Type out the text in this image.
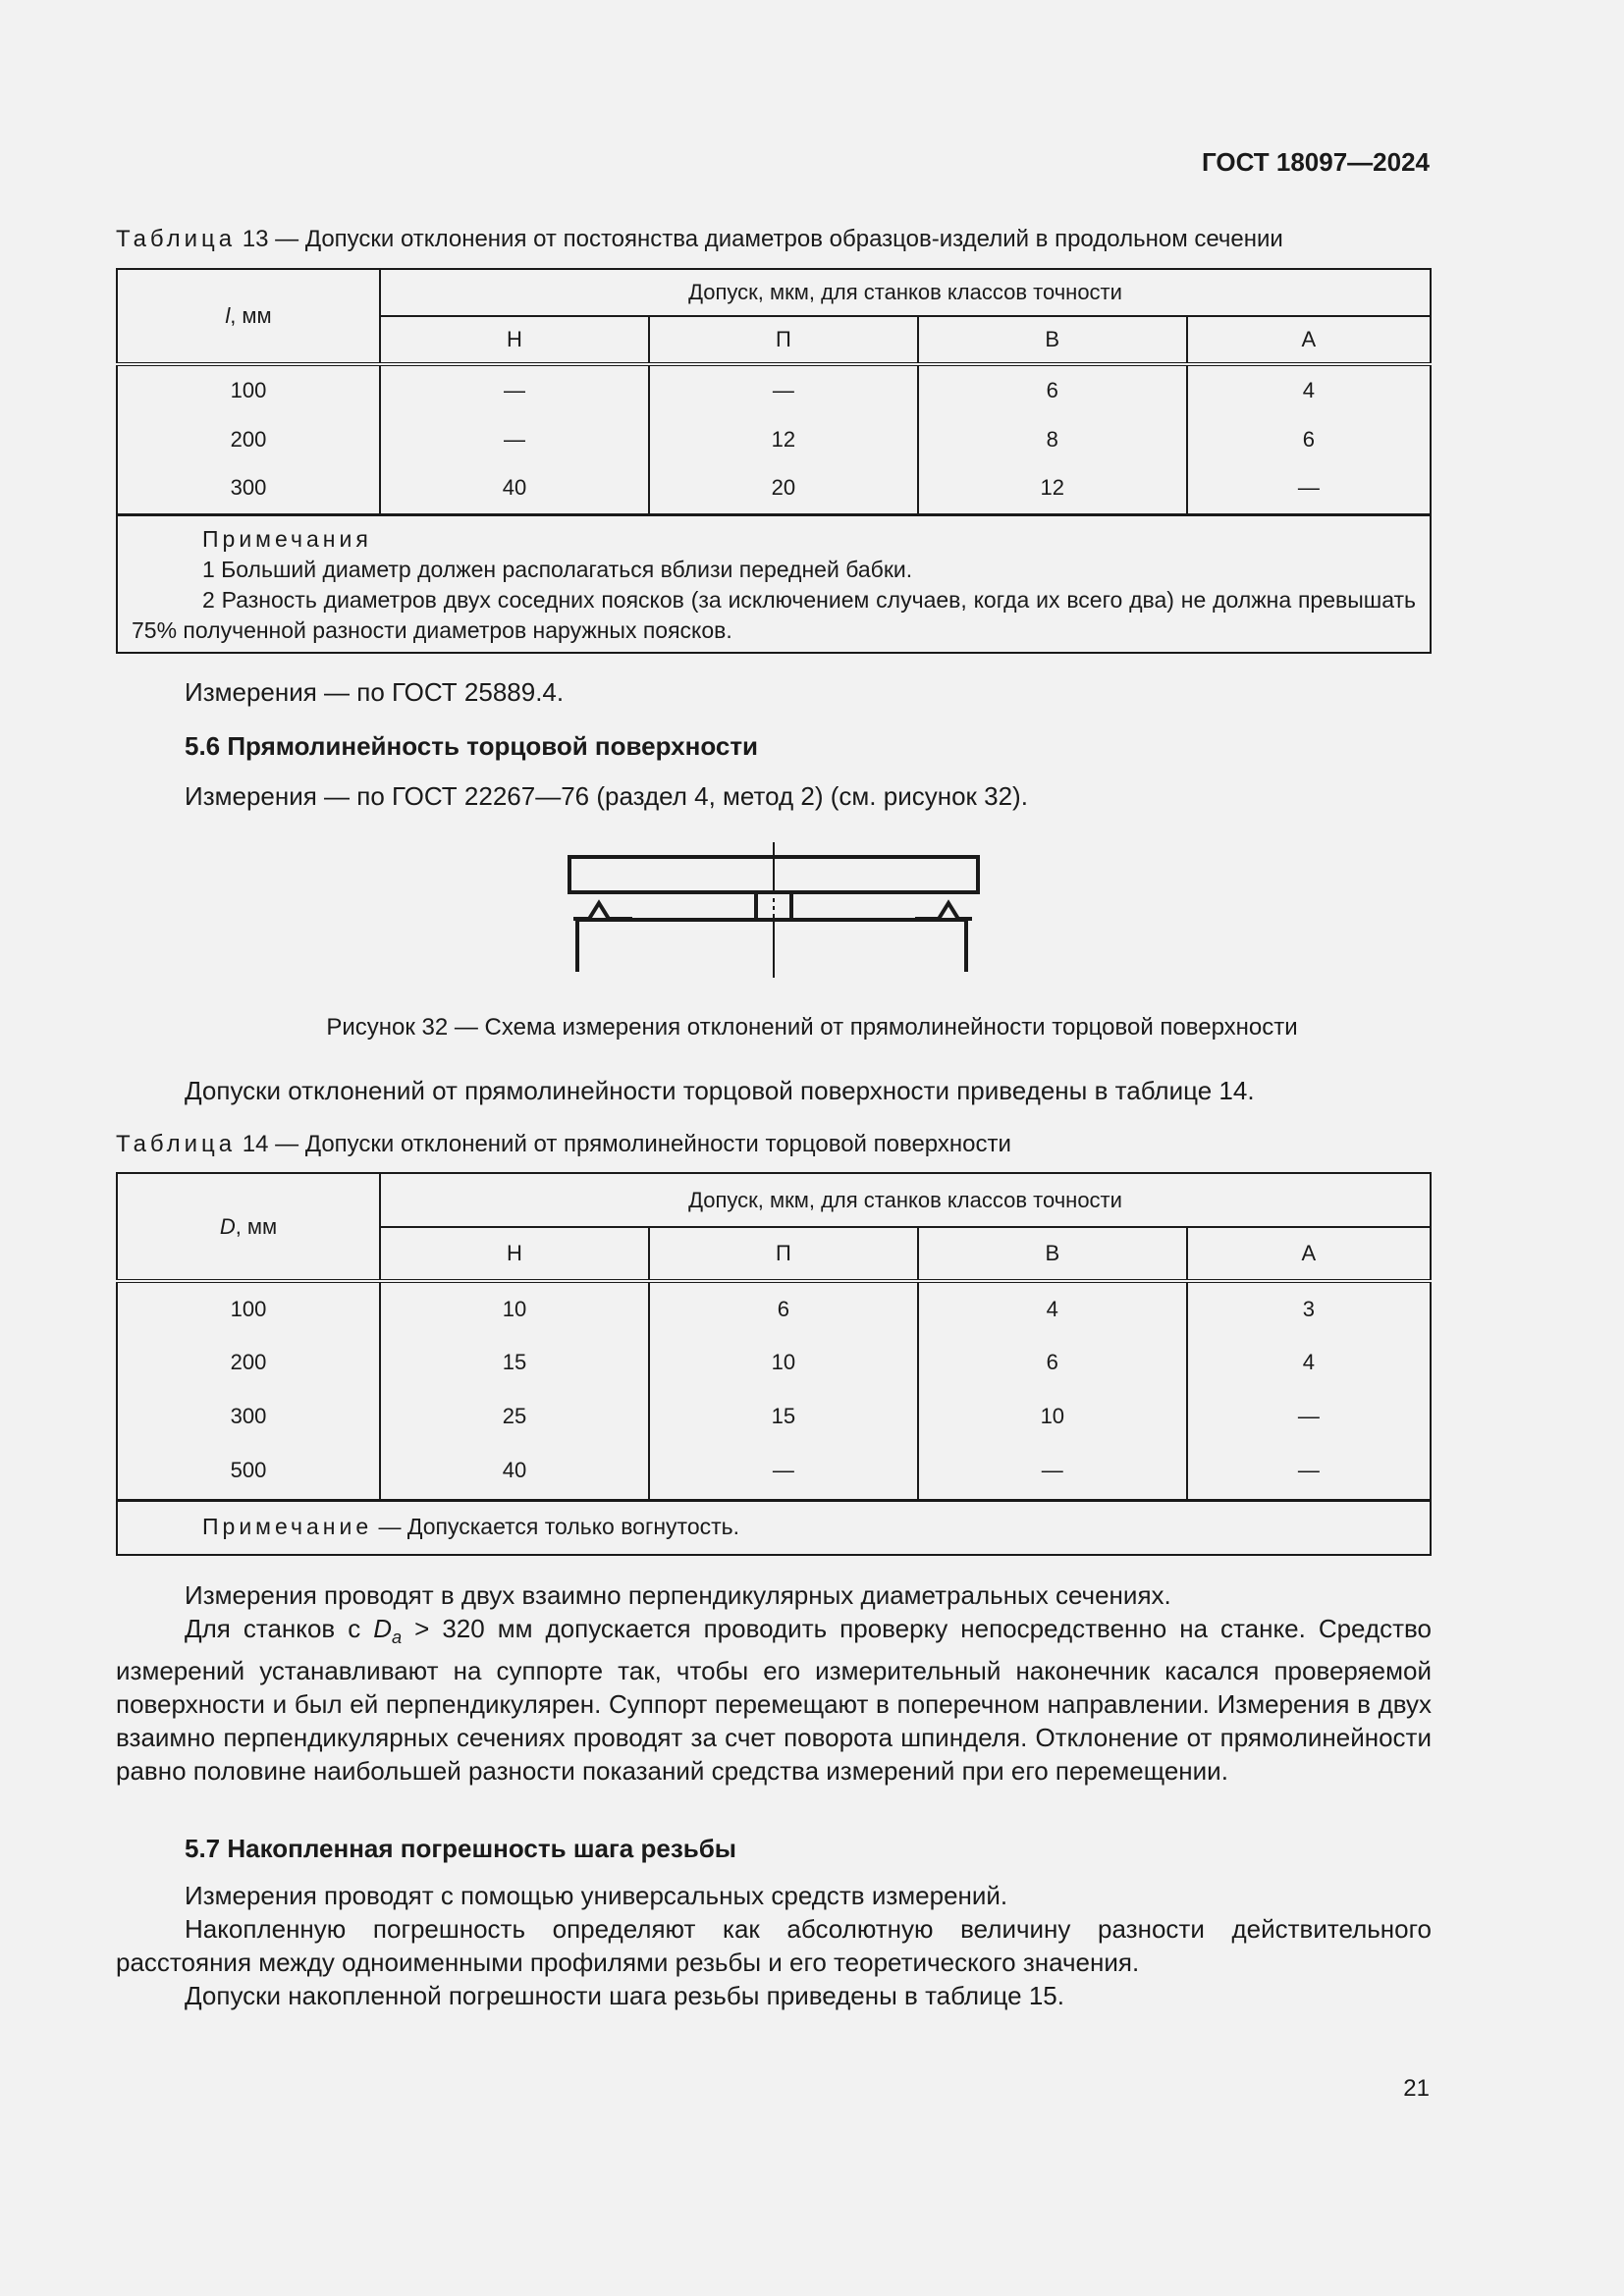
ГОСТ 18097—2024
Таблица 13 — Допуски отклонения от постоянства диаметров образцов-изделий в продольном сечении
l, мм	Допуск, мкм, для станков классов точности			
	Н	П	В	А
100	—	—	6	4
200	—	12	8	6
300	40	20	12	—

Примечания
1 Больший диаметр должен располагаться вблизи передней бабки.
2 Разность диаметров двух соседних поясков (за исключением случаев, когда их всего два) не должна превышать 75% полученной разности диаметров наружных поясков.				

Измерения — по ГОСТ 25889.4.

5.6 Прямолинейность торцовой поверхности

Измерения — по ГОСТ 22267—76 (раздел 4, метод 2) (см. рисунок 32).

Рисунок 32 — Схема измерения отклонений от прямолинейности торцовой поверхности

Допуски отклонений от прямолинейности торцовой поверхности приведены в таблице 14.

Таблица 14 — Допуски отклонений от прямолинейности торцовой поверхности
D, мм	Допуск, мкм, для станков классов точности			
	Н	П	В	А
100	10	6	4	3
200	15	10	6	4
300	25	15	10	—
500	40	—	—	—
Примечание — Допускается только вогнутость.				

Измерения проводят в двух взаимно перпендикулярных диаметральных сечениях.

Для станков с $D_a > 320$ мм допускается проводить проверку непосредственно на станке. Средство измерений устанавливают на суппорте так, чтобы его измерительный наконечник касался проверяемой поверхности и был ей перпендикулярен. Суппорт перемещают в поперечном направлении. Измерения в двух взаимно перпендикулярных сечениях проводят за счет поворота шпинделя. Отклонение от прямолинейности равно половине наибольшей разности показаний средства измерений при его перемещении.

5.7 Накопленная погрешность шага резьбы

Измерения проводят с помощью универсальных средств измерений.

Накопленную погрешность определяют как абсолютную величину разности действительного расстояния между одноименными профилями резьбы и его теоретического значения.

Допуски накопленной погрешности шага резьбы приведены в таблице 15.

21
